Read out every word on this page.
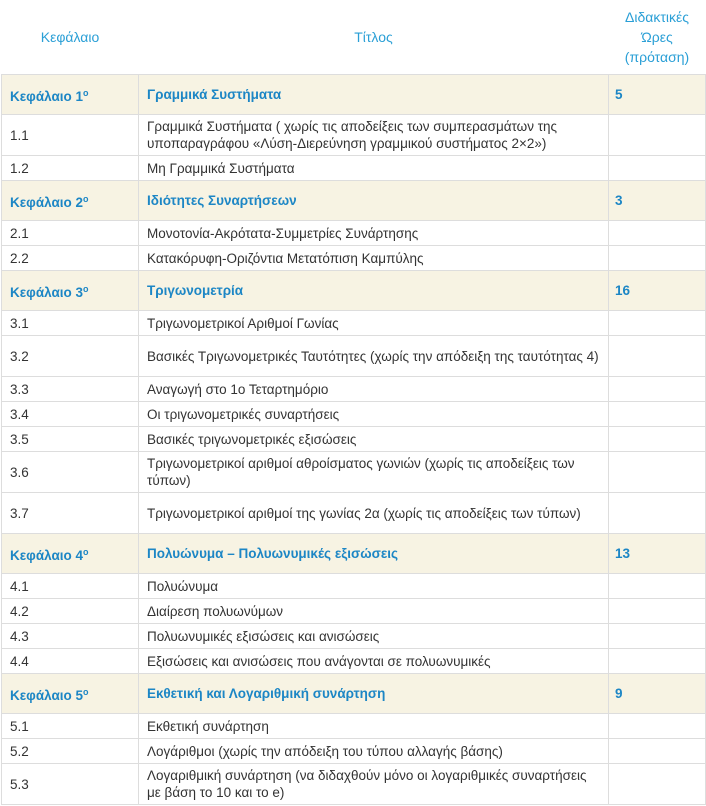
Κεφάλαιο	Τίτλος	Διδακτικές
Ώρες
(πρόταση)
Κεφάλαιο $1^o$	Γραμμικά Συστήματα	5
1.1	Γραμμικά Συστήματα ( χωρίς τις αποδείξεις των συμπερασμάτων της υποπαραγράφου «Λύση-Διερεύνηση γραμμικού συστήματος 2×2»)	
1.2	Μη Γραμμικά Συστήματα	
Κεφάλαιο $2^o$	Ιδιότητες Συναρτήσεων	3
2.1	Μονοτονία-Ακρότατα-Συμμετρίες Συνάρτησης	
2.2	Κατακόρυφη-Οριζόντια Μετατόπιση Καμπύλης	
Κεφάλαιο $3^o$	Τριγωνομετρία	16
3.1	Τριγωνομετρικοί Αριθμοί Γωνίας	
3.2	Βασικές Τριγωνομετρικές Ταυτότητες (χωρίς την απόδειξη της ταυτότητας 4)	
3.3	Αναγωγή στο 1ο Τεταρτημόριο	
3.4	Οι τριγωνομετρικές συναρτήσεις	
3.5	Βασικές τριγωνομετρικές εξισώσεις	
3.6	Τριγωνομετρικοί αριθμοί αθροίσματος γωνιών (χωρίς τις αποδείξεις των τύπων)	
3.7	Τριγωνομετρικοί αριθμοί της γωνίας 2α (χωρίς τις αποδείξεις των τύπων)	
Κεφάλαιο $4^o$	Πολυώνυμα – Πολυωνυμικές εξισώσεις	13
4.1	Πολυώνυμα	
4.2	Διαίρεση πολυωνύμων	
4.3	Πολυωνυμικές εξισώσεις και ανισώσεις	
4.4	Εξισώσεις και ανισώσεις που ανάγονται σε πολυωνυμικές	
Κεφάλαιο $5^o$	Εκθετική και Λογαριθμική συνάρτηση	9
5.1	Εκθετική συνάρτηση	
5.2	Λογάριθμοι (χωρίς την απόδειξη του τύπου αλλαγής βάσης)	
5.3	Λογαριθμική συνάρτηση (να διδαχθούν μόνο οι λογαριθμικές συναρτήσεις με βάση το 10 και το e)	
